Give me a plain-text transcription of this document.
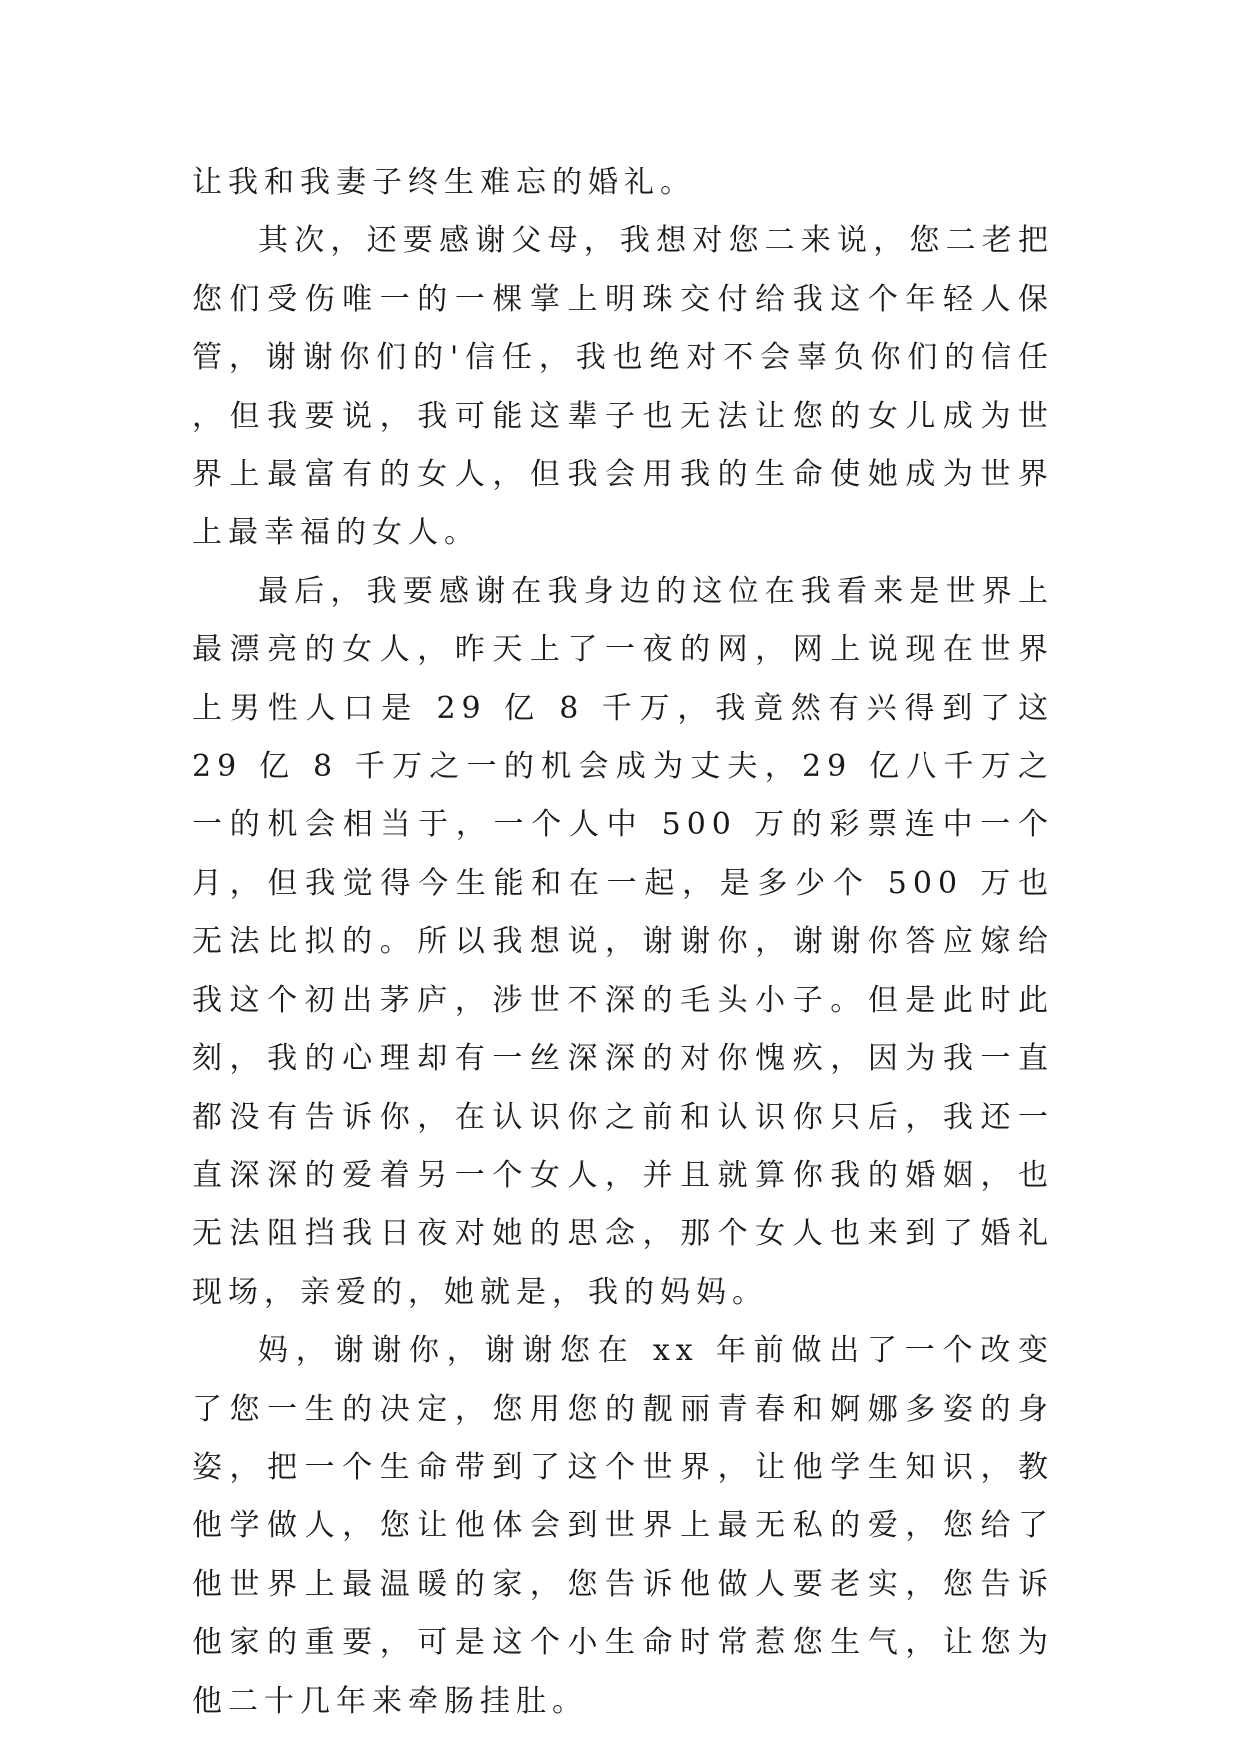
让我和我妻子终生难忘的婚礼。

其次，还要感谢父母，我想对您二来说，您二老把您们受伤唯一的一棵掌上明珠交付给我这个年轻人保管，谢谢你们的'信任，我也绝对不会辜负你们的信任，但我要说，我可能这辈子也无法让您的女儿成为世界上最富有的女人，但我会用我的生命使她成为世界上最幸福的女人。

最后，我要感谢在我身边的这位在我看来是世界上最漂亮的女人，昨天上了一夜的网，网上说现在世界上男性人口是 29 亿 8 千万，我竟然有兴得到了这 29 亿 8 千万之一的机会成为丈夫，29 亿八千万之一的机会相当于，一个人中 500 万的彩票连中一个月，但我觉得今生能和在一起，是多少个 500 万也无法比拟的。所以我想说，谢谢你，谢谢你答应嫁给我这个初出茅庐，涉世不深的毛头小子。但是此时此刻，我的心理却有一丝深深的对你愧疚，因为我一直都没有告诉你，在认识你之前和认识你只后，我还一直深深的爱着另一个女人，并且就算你我的婚姻，也无法阻挡我日夜对她的思念，那个女人也来到了婚礼现场，亲爱的，她就是，我的妈妈。

妈，谢谢你，谢谢您在 xx 年前做出了一个改变了您一生的决定，您用您的靓丽青春和婀娜多姿的身姿，把一个生命带到了这个世界，让他学生知识，教他学做人，您让他体会到世界上最无私的爱，您给了他世界上最温暖的家，您告诉他做人要老实，您告诉他家的重要，可是这个小生命时常惹您生气，让您为他二十几年来牵肠挂肚。
